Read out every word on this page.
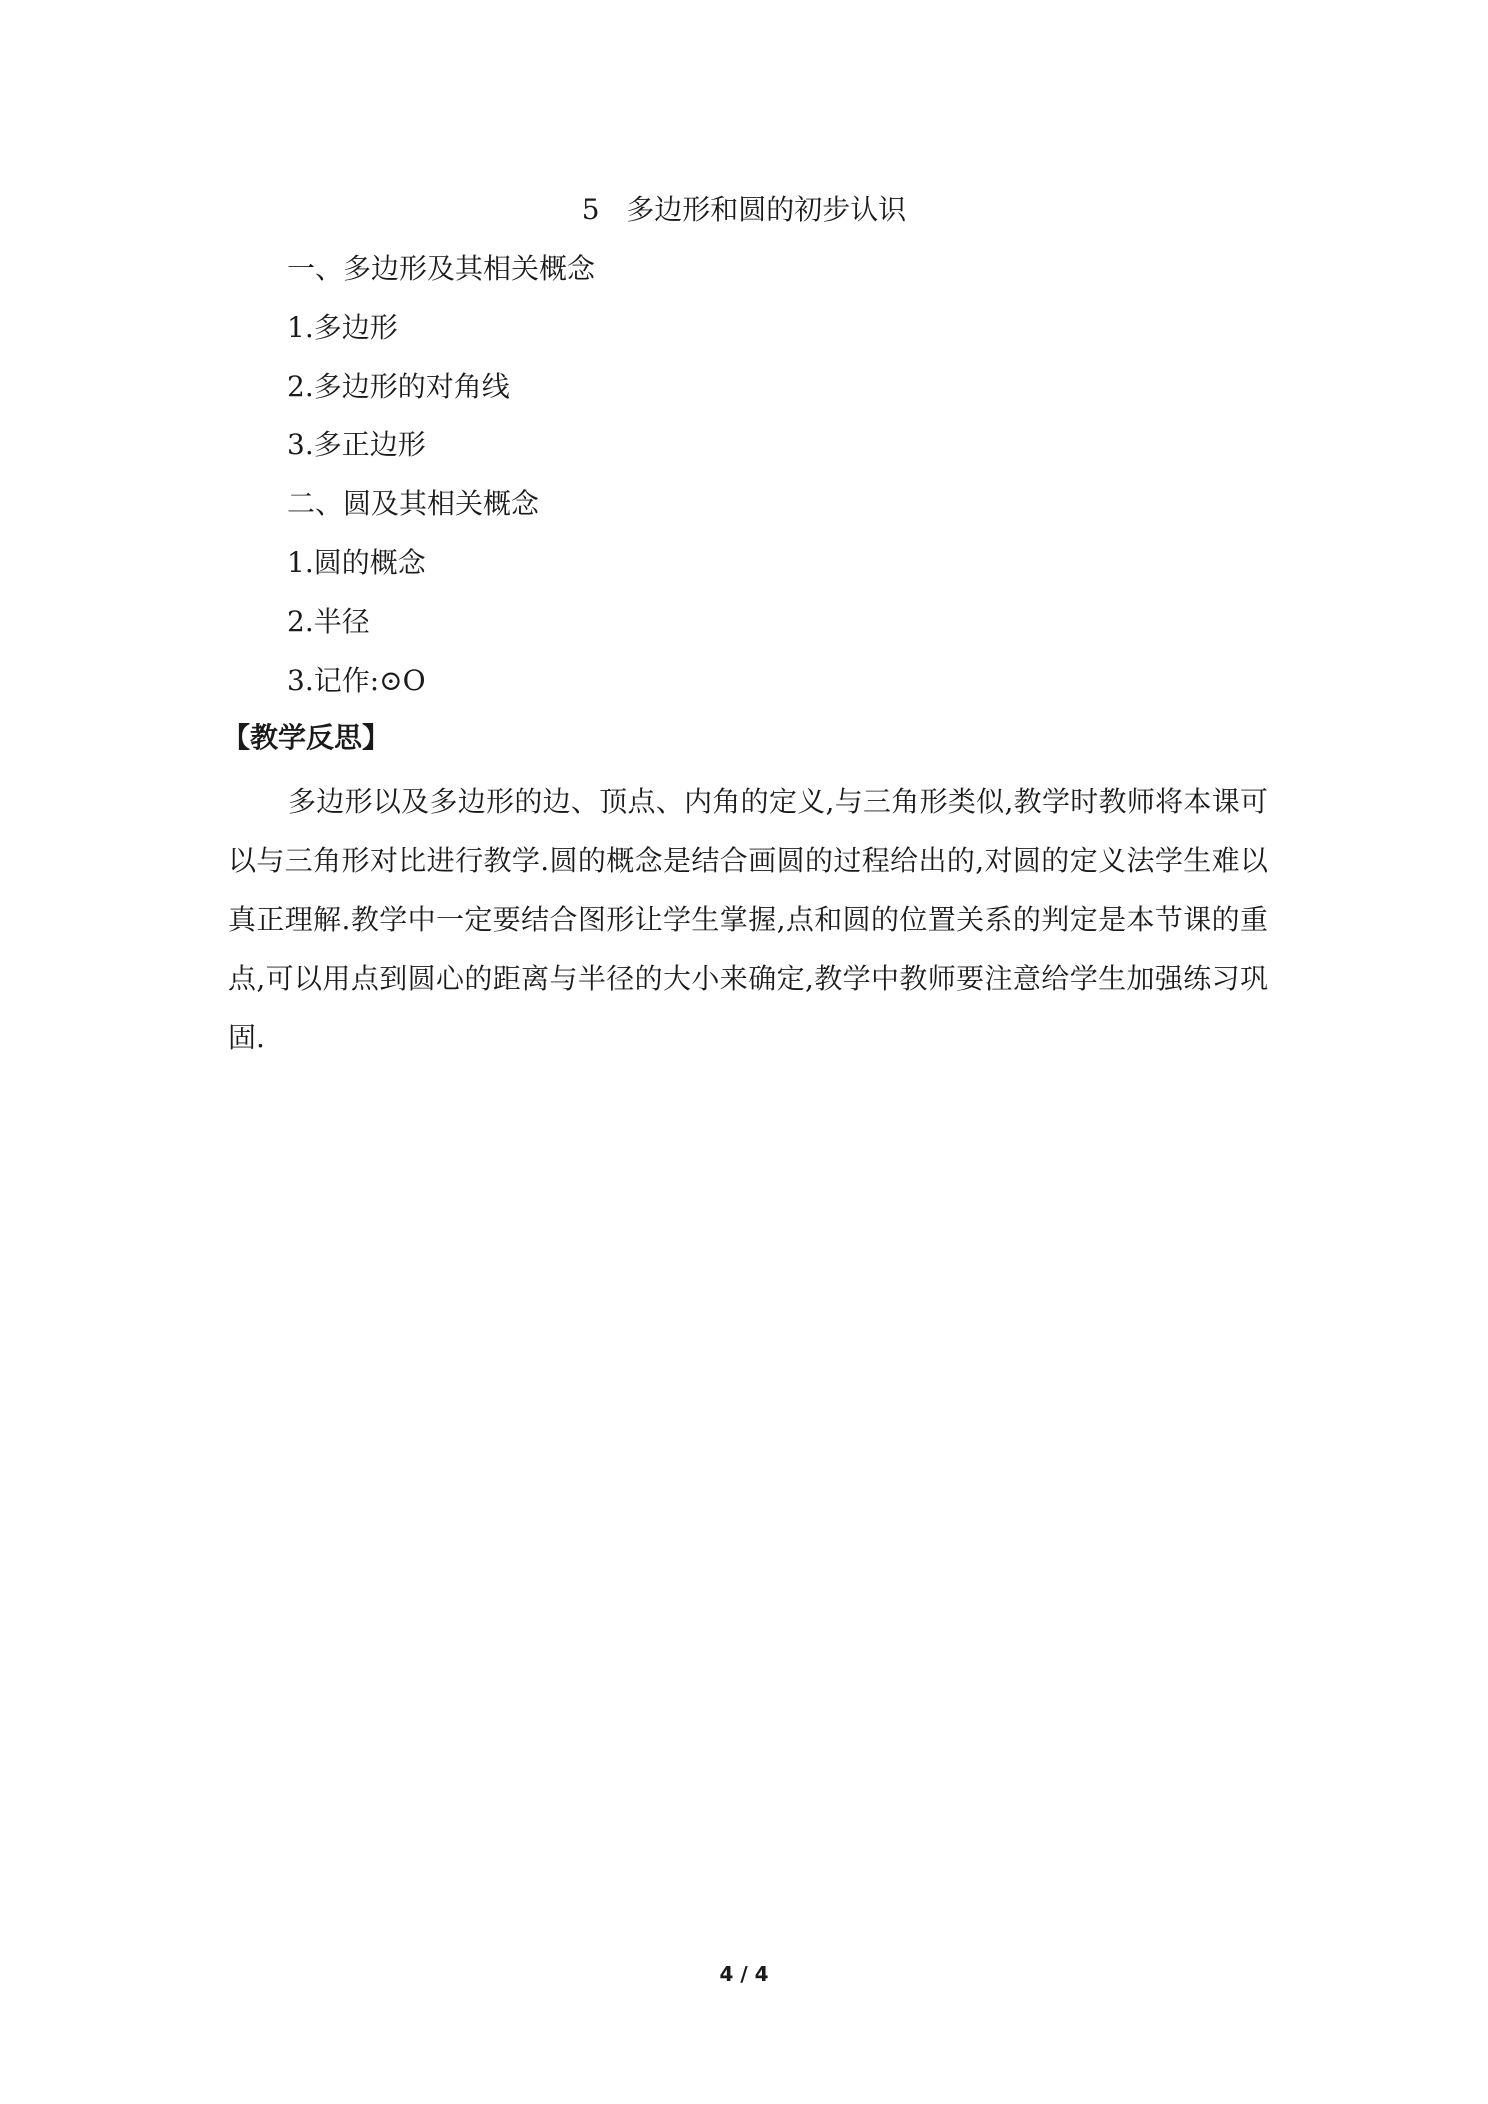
5   多边形和圆的初步认识
一、多边形及其相关概念
1.多边形
2.多边形的对角线
3.多正边形
二、圆及其相关概念
1.圆的概念
2.半径
3.记作:⊙O
【教学反思】

多边形以及多边形的边、顶点、内角的定义,与三角形类似,教学时教师将本课可以与三角形对比进行教学.圆的概念是结合画圆的过程给出的,对圆的定义法学生难以真正理解.教学中一定要结合图形让学生掌握,点和圆的位置关系的判定是本节课的重点,可以用点到圆心的距离与半径的大小来确定,教学中教师要注意给学生加强练习巩固.

4 / 4
